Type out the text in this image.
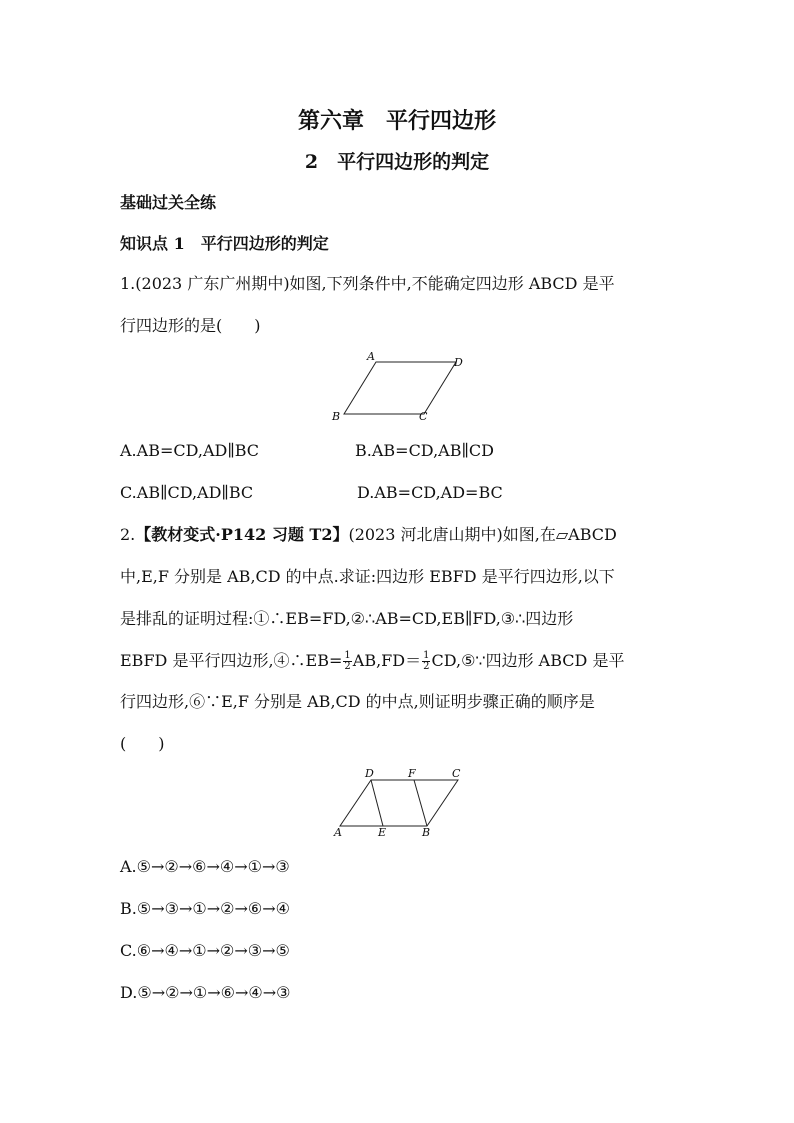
第六章　平行四边形
2　平行四边形的判定
基础过关全练
知识点 1　平行四边形的判定
1.(2023 广东广州期中)如图,下列条件中,不能确定四边形 ABCD 是平
行四边形的是(　　)
A	D
B	C
A.AB=CD,AD∥BC	B.AB=CD,AB∥CD
C.AB∥CD,AD∥BC	D.AB=CD,AD=BC
2.【教材变式·P142 习题 T2】(2023 河北唐山期中)如图,在▱ABCD
中,E,F 分别是 AB,CD 的中点.求证:四边形 EBFD 是平行四边形,以下
是排乱的证明过程:①∴EB=FD,②∴AB=CD,EB∥FD,③∴四边形
EBFD 是平行四边形,④∴EB= $\frac{1}{2} AB,FD= \frac{1}{2}$ CD,⑤∵四边形 ABCD 是平
行四边形,⑥∵E,F 分别是 AB,CD 的中点,则证明步骤正确的顺序是
(　　)
D	F	C
A	E	B
A.⑤→②→⑥→④→①→③
B.⑤→③→①→②→⑥→④
C.⑥→④→①→②→③→⑤
D.⑤→②→①→⑥→④→③
